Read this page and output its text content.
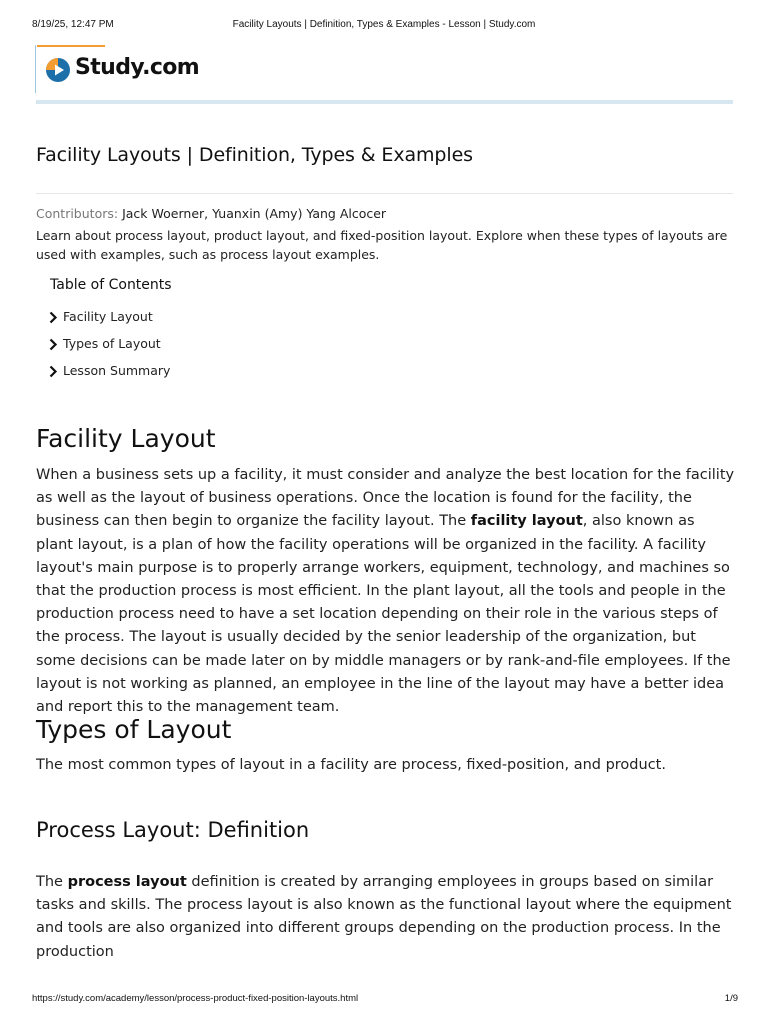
8/19/25, 12:47 PM	Facility Layouts | Definition, Types & Examples - Lesson | Study.com
Study.com
Facility Layouts | Definition, Types & Examples
Contributors: Jack Woerner, Yuanxin (Amy) Yang Alcocer
Learn about process layout, product layout, and fixed-position layout. Explore when these types of layouts are used with examples, such as process layout examples.
Table of Contents
Facility Layout
Types of Layout
Lesson Summary
Facility Layout

When a business sets up a facility, it must consider and analyze the best location for the facility as well as the layout of business operations. Once the location is found for the facility, the business can then begin to organize the facility layout. The facility layout, also known as plant layout, is a plan of how the facility operations will be organized in the facility. A facility layout's main purpose is to properly arrange workers, equipment, technology, and machines so that the production process is most efficient. In the plant layout, all the tools and people in the production process need to have a set location depending on their role in the various steps of the process. The layout is usually decided by the senior leadership of the organization, but some decisions can be made later on by middle managers or by rank-and-file employees. If the layout is not working as planned, an employee in the line of the layout may have a better idea and report this to the management team.

Types of Layout

The most common types of layout in a facility are process, fixed-position, and product.

Process Layout: Definition

The process layout definition is created by arranging employees in groups based on similar tasks and skills. The process layout is also known as the functional layout where the equipment and tools are also organized into different groups depending on the production process. In the production

https://study.com/academy/lesson/process-product-fixed-position-layouts.html	1/9
